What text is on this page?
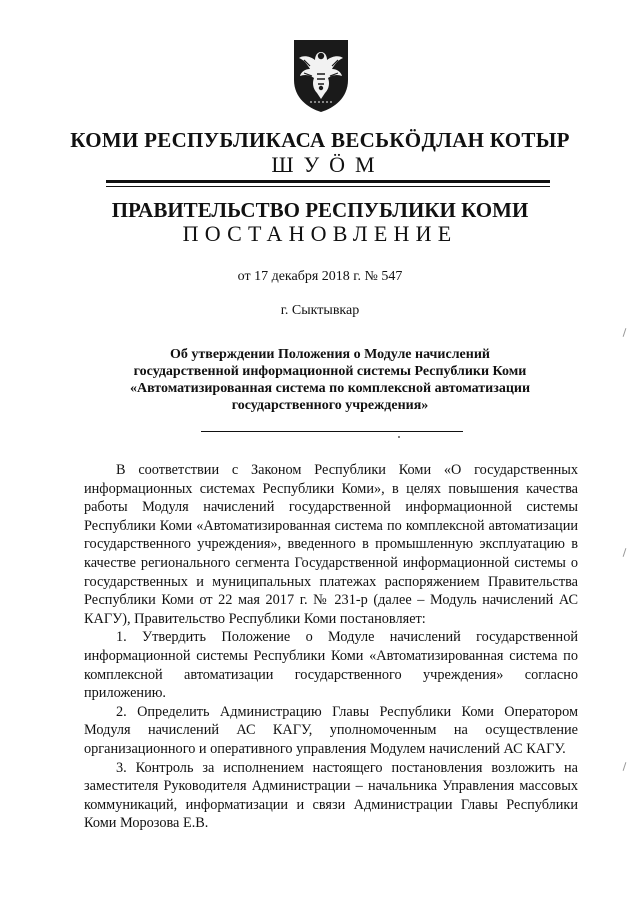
КОМИ РЕСПУБЛИКАСА ВЕСЬКӦДЛАН КОТЫР
ШУӦМ
ПРАВИТЕЛЬСТВО РЕСПУБЛИКИ КОМИ
ПОСТАНОВЛЕНИЕ
от 17 декабря 2018 г. № 547
г. Сыктывкар
Об утверждении Положения о Модуле начислений
государственной информационной системы Республики Коми
«Автоматизированная система по комплексной автоматизации
государственного учреждения»

В соответствии с Законом Республики Коми «О государственных информационных системах Республики Коми», в целях повышения качества работы Модуля начислений государственной информационной системы Республики Коми «Автоматизированная система по комплексной автоматизации государственного учреждения», введенного в промышленную эксплуатацию в качестве регионального сегмента Государственной информационной системы о государственных и муниципальных платежах распоряжением Правительства Республики Коми от 22 мая 2017 г. № 231-р (далее – Модуль начислений АС КАГУ), Правительство Республики Коми постановляет:

1. Утвердить Положение о Модуле начислений государственной информационной системы Республики Коми «Автоматизированная система по комплексной автоматизации государственного учреждения» согласно приложению.

2. Определить Администрацию Главы Республики Коми Оператором Модуля начислений АС КАГУ, уполномоченным на осуществление организационного и оперативного управления Модулем начислений АС КАГУ.

3. Контроль за исполнением настоящего постановления возложить на заместителя Руководителя Администрации – начальника Управления массовых коммуникаций, информатизации и связи Администрации Главы Республики Коми Морозова Е.В.
